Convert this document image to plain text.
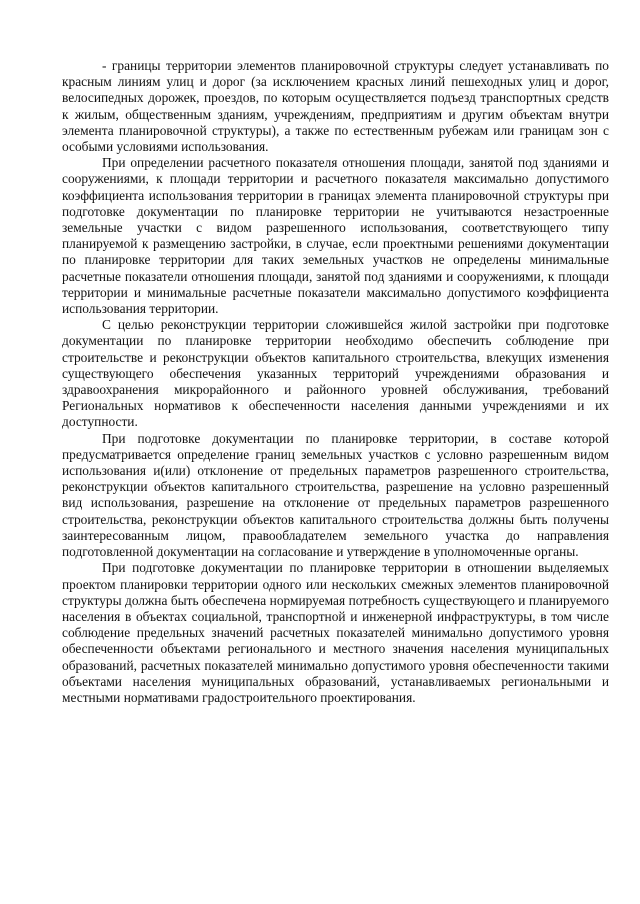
- границы территории элементов планировочной структуры следует устанавливать по красным линиям улиц и дорог (за исключением красных линий пешеходных улиц и дорог, велосипедных дорожек, проездов, по которым осуществляется подъезд транспортных средств к жилым, общественным зданиям, учреждениям, предприятиям и другим объектам внутри элемента планировочной структуры), а также по естественным рубежам или границам зон с особыми условиями использования.

При определении расчетного показателя отношения площади, занятой под зданиями и сооружениями, к площади территории и расчетного показателя максимально допустимого коэффициента использования территории в границах элемента планировочной структуры при подготовке документации по планировке территории не учитываются незастроенные земельные участки с видом разрешенного использования, соответствующего типу планируемой к размещению застройки, в случае, если проектными решениями документации по планировке территории для таких земельных участков не определены минимальные расчетные показатели отношения площади, занятой под зданиями и сооружениями, к площади территории и минимальные расчетные показатели максимально допустимого коэффициента использования территории.

С целью реконструкции территории сложившейся жилой застройки при подготовке документации по планировке территории необходимо обеспечить соблюдение при строительстве и реконструкции объектов капитального строительства, влекущих изменения существующего обеспечения указанных территорий учреждениями образования и здравоохранения микрорайонного и районного уровней обслуживания, требований Региональных нормативов к обеспеченности населения данными учреждениями и их доступности.

При подготовке документации по планировке территории, в составе которой предусматривается определение границ земельных участков с условно разрешенным видом использования и(или) отклонение от предельных параметров разрешенного строительства, реконструкции объектов капитального строительства, разрешение на условно разрешенный вид использования, разрешение на отклонение от предельных параметров разрешенного строительства, реконструкции объектов капитального строительства должны быть получены заинтересованным лицом, правообладателем земельного участка до направления подготовленной документации на согласование и утверждение в уполномоченные органы.

При подготовке документации по планировке территории в отношении выделяемых проектом планировки территории одного или нескольких смежных элементов планировочной структуры должна быть обеспечена нормируемая потребность существующего и планируемого населения в объектах социальной, транспортной и инженерной инфраструктуры, в том числе соблюдение предельных значений расчетных показателей минимально допустимого уровня обеспеченности объектами регионального и местного значения населения муниципальных образований, расчетных показателей минимально допустимого уровня обеспеченности такими объектами населения муниципальных образований, устанавливаемых региональными и местными нормативами градостроительного проектирования.
